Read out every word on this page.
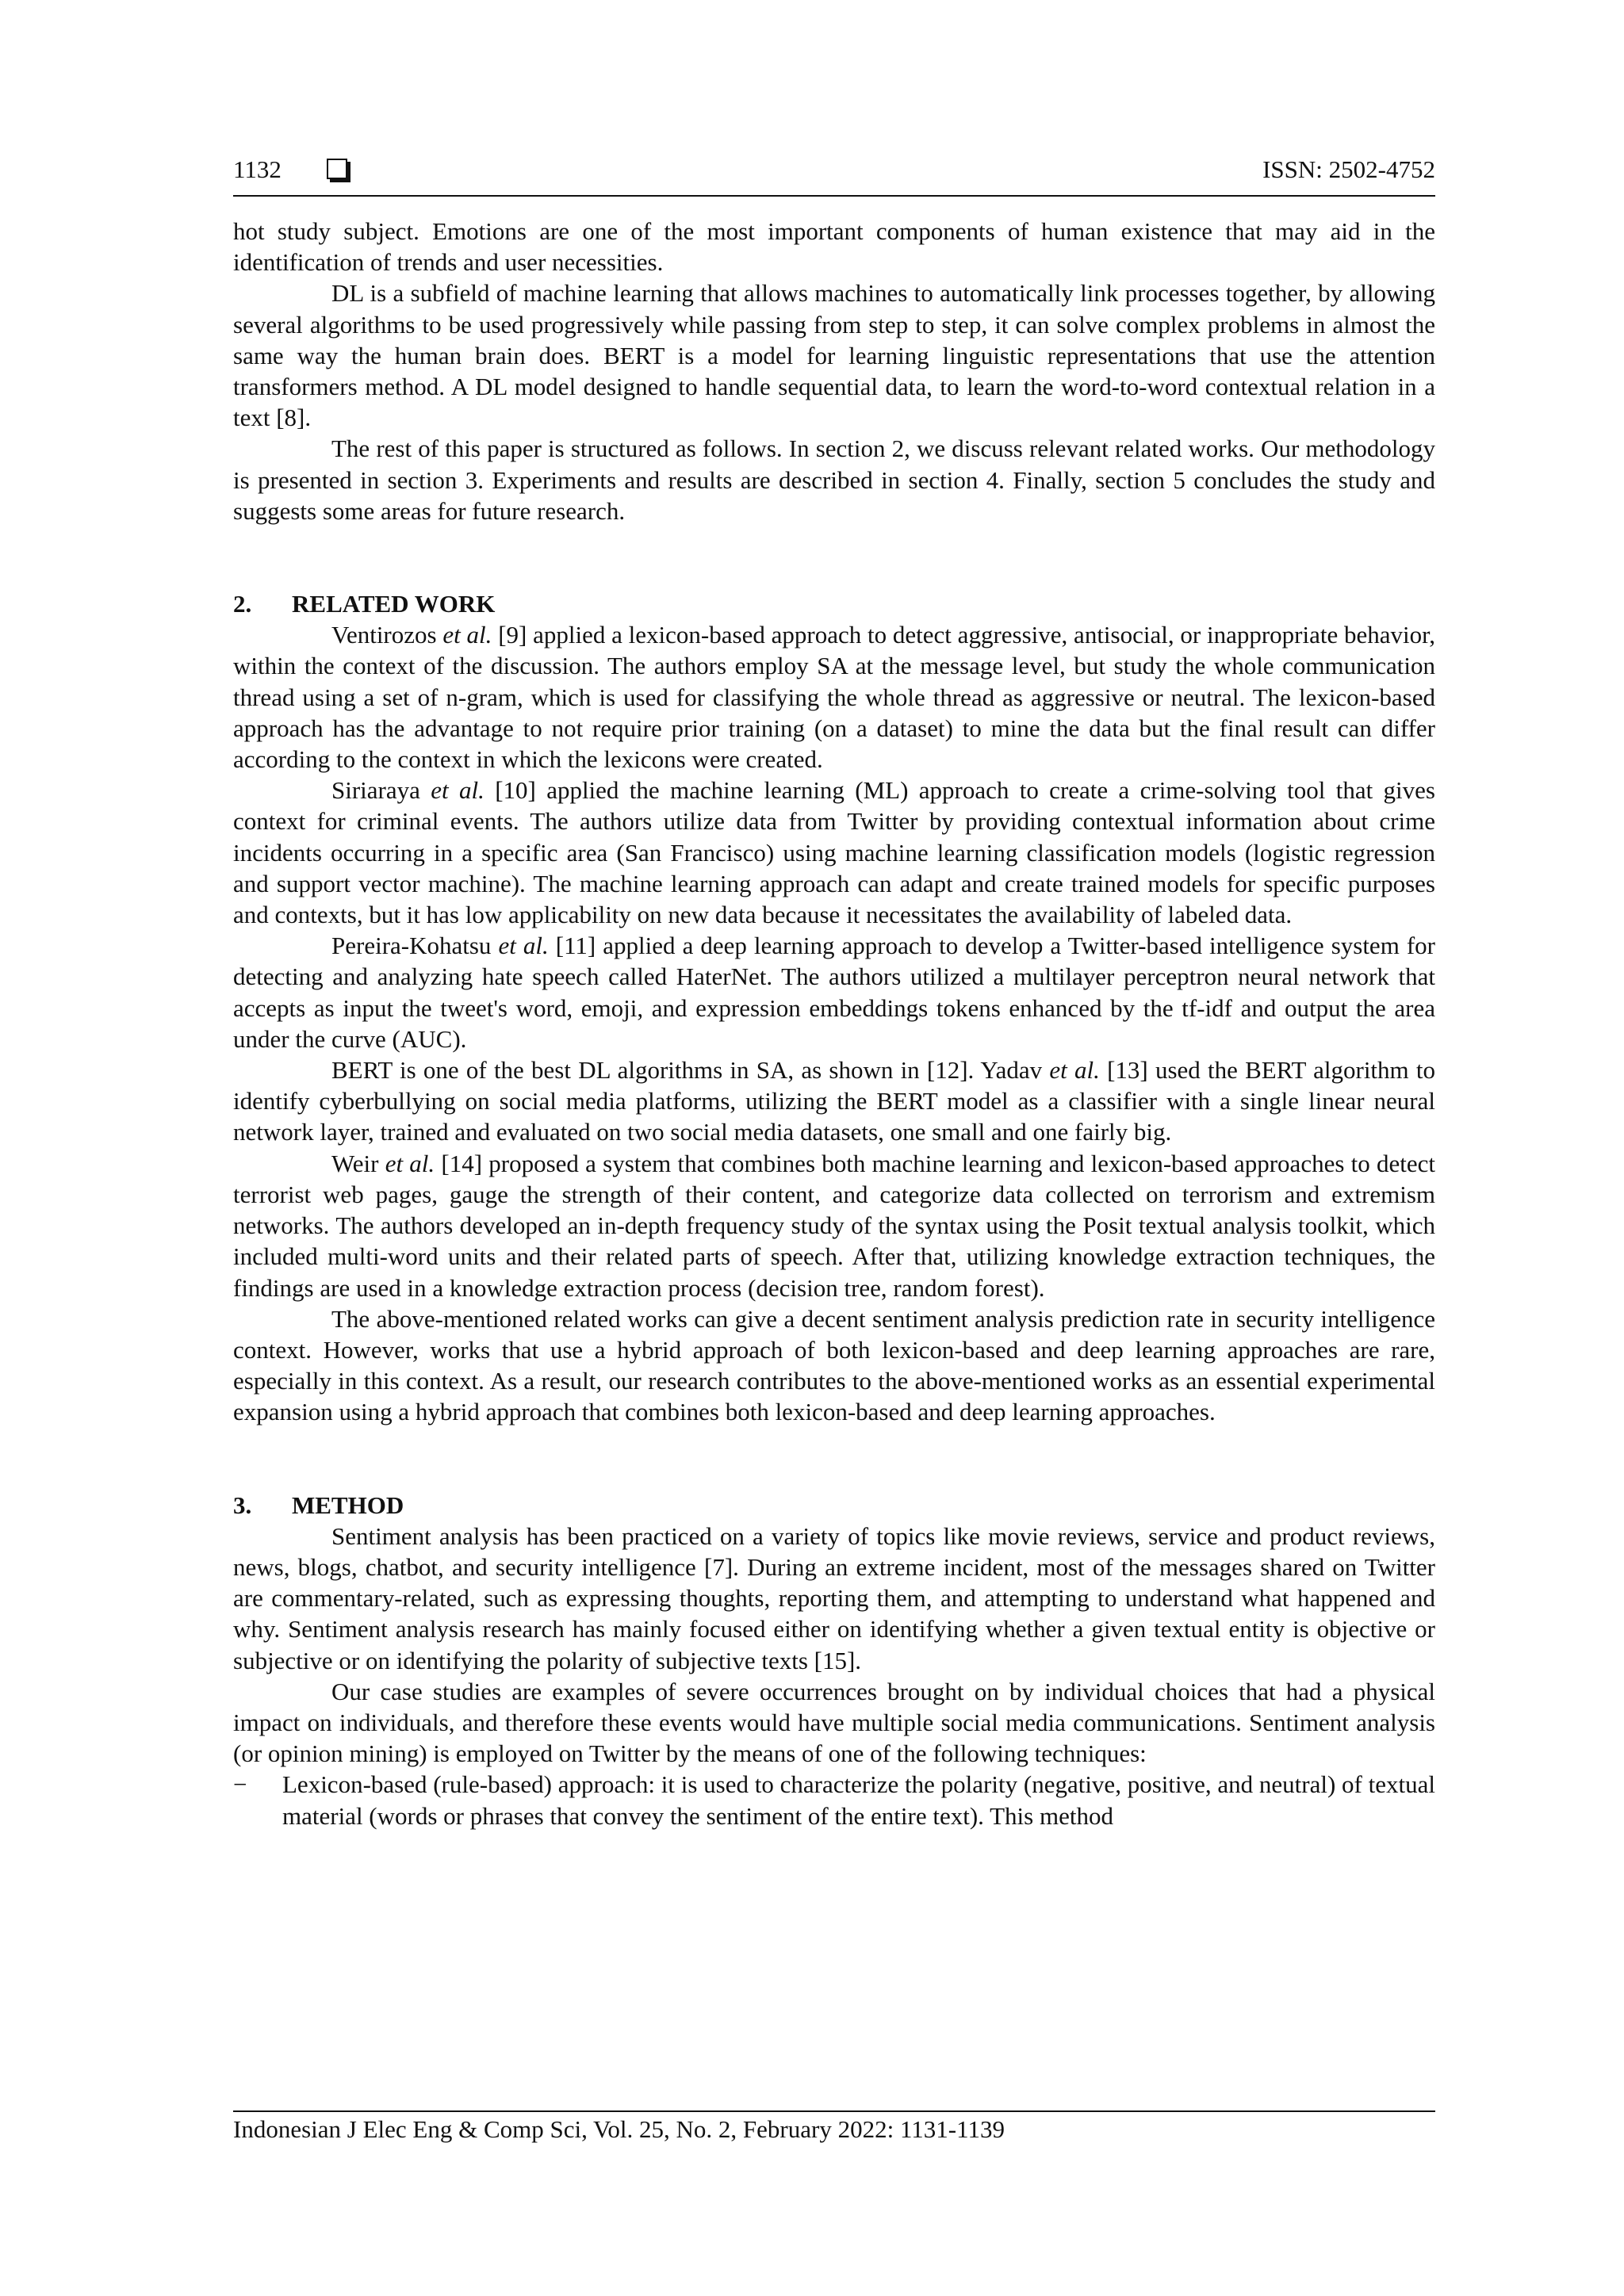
1132	ISSN: 2502-4752

hot study subject. Emotions are one of the most important components of human existence that may aid in the identification of trends and user necessities.

DL is a subfield of machine learning that allows machines to automatically link processes together, by allowing several algorithms to be used progressively while passing from step to step, it can solve complex problems in almost the same way the human brain does. BERT is a model for learning linguistic representations that use the attention transformers method. A DL model designed to handle sequential data, to learn the word-to-word contextual relation in a text [8].

The rest of this paper is structured as follows. In section 2, we discuss relevant related works. Our methodology is presented in section 3. Experiments and results are described in section 4. Finally, section 5 concludes the study and suggests some areas for future research.

2. RELATED WORK

Ventirozos et al. [9] applied a lexicon-based approach to detect aggressive, antisocial, or inappropriate behavior, within the context of the discussion. The authors employ SA at the message level, but study the whole communication thread using a set of n-gram, which is used for classifying the whole thread as aggressive or neutral. The lexicon-based approach has the advantage to not require prior training (on a dataset) to mine the data but the final result can differ according to the context in which the lexicons were created.

Siriaraya et al. [10] applied the machine learning (ML) approach to create a crime-solving tool that gives context for criminal events. The authors utilize data from Twitter by providing contextual information about crime incidents occurring in a specific area (San Francisco) using machine learning classification models (logistic regression and support vector machine). The machine learning approach can adapt and create trained models for specific purposes and contexts, but it has low applicability on new data because it necessitates the availability of labeled data.

Pereira-Kohatsu et al. [11] applied a deep learning approach to develop a Twitter-based intelligence system for detecting and analyzing hate speech called HaterNet. The authors utilized a multilayer perceptron neural network that accepts as input the tweet's word, emoji, and expression embeddings tokens enhanced by the tf-idf and output the area under the curve (AUC).

BERT is one of the best DL algorithms in SA, as shown in [12]. Yadav et al. [13] used the BERT algorithm to identify cyberbullying on social media platforms, utilizing the BERT model as a classifier with a single linear neural network layer, trained and evaluated on two social media datasets, one small and one fairly big.

Weir et al. [14] proposed a system that combines both machine learning and lexicon-based approaches to detect terrorist web pages, gauge the strength of their content, and categorize data collected on terrorism and extremism networks. The authors developed an in-depth frequency study of the syntax using the Posit textual analysis toolkit, which included multi-word units and their related parts of speech. After that, utilizing knowledge extraction techniques, the findings are used in a knowledge extraction process (decision tree, random forest).

The above-mentioned related works can give a decent sentiment analysis prediction rate in security intelligence context. However, works that use a hybrid approach of both lexicon-based and deep learning approaches are rare, especially in this context. As a result, our research contributes to the above-mentioned works as an essential experimental expansion using a hybrid approach that combines both lexicon-based and deep learning approaches.

3. METHOD

Sentiment analysis has been practiced on a variety of topics like movie reviews, service and product reviews, news, blogs, chatbot, and security intelligence [7]. During an extreme incident, most of the messages shared on Twitter are commentary-related, such as expressing thoughts, reporting them, and attempting to understand what happened and why. Sentiment analysis research has mainly focused either on identifying whether a given textual entity is objective or subjective or on identifying the polarity of subjective texts [15].

Our case studies are examples of severe occurrences brought on by individual choices that had a physical impact on individuals, and therefore these events would have multiple social media communications. Sentiment analysis (or opinion mining) is employed on Twitter by the means of one of the following techniques:

− Lexicon-based (rule-based) approach: it is used to characterize the polarity (negative, positive, and neutral) of textual material (words or phrases that convey the sentiment of the entire text). This method

Indonesian J Elec Eng & Comp Sci, Vol. 25, No. 2, February 2022: 1131-1139
